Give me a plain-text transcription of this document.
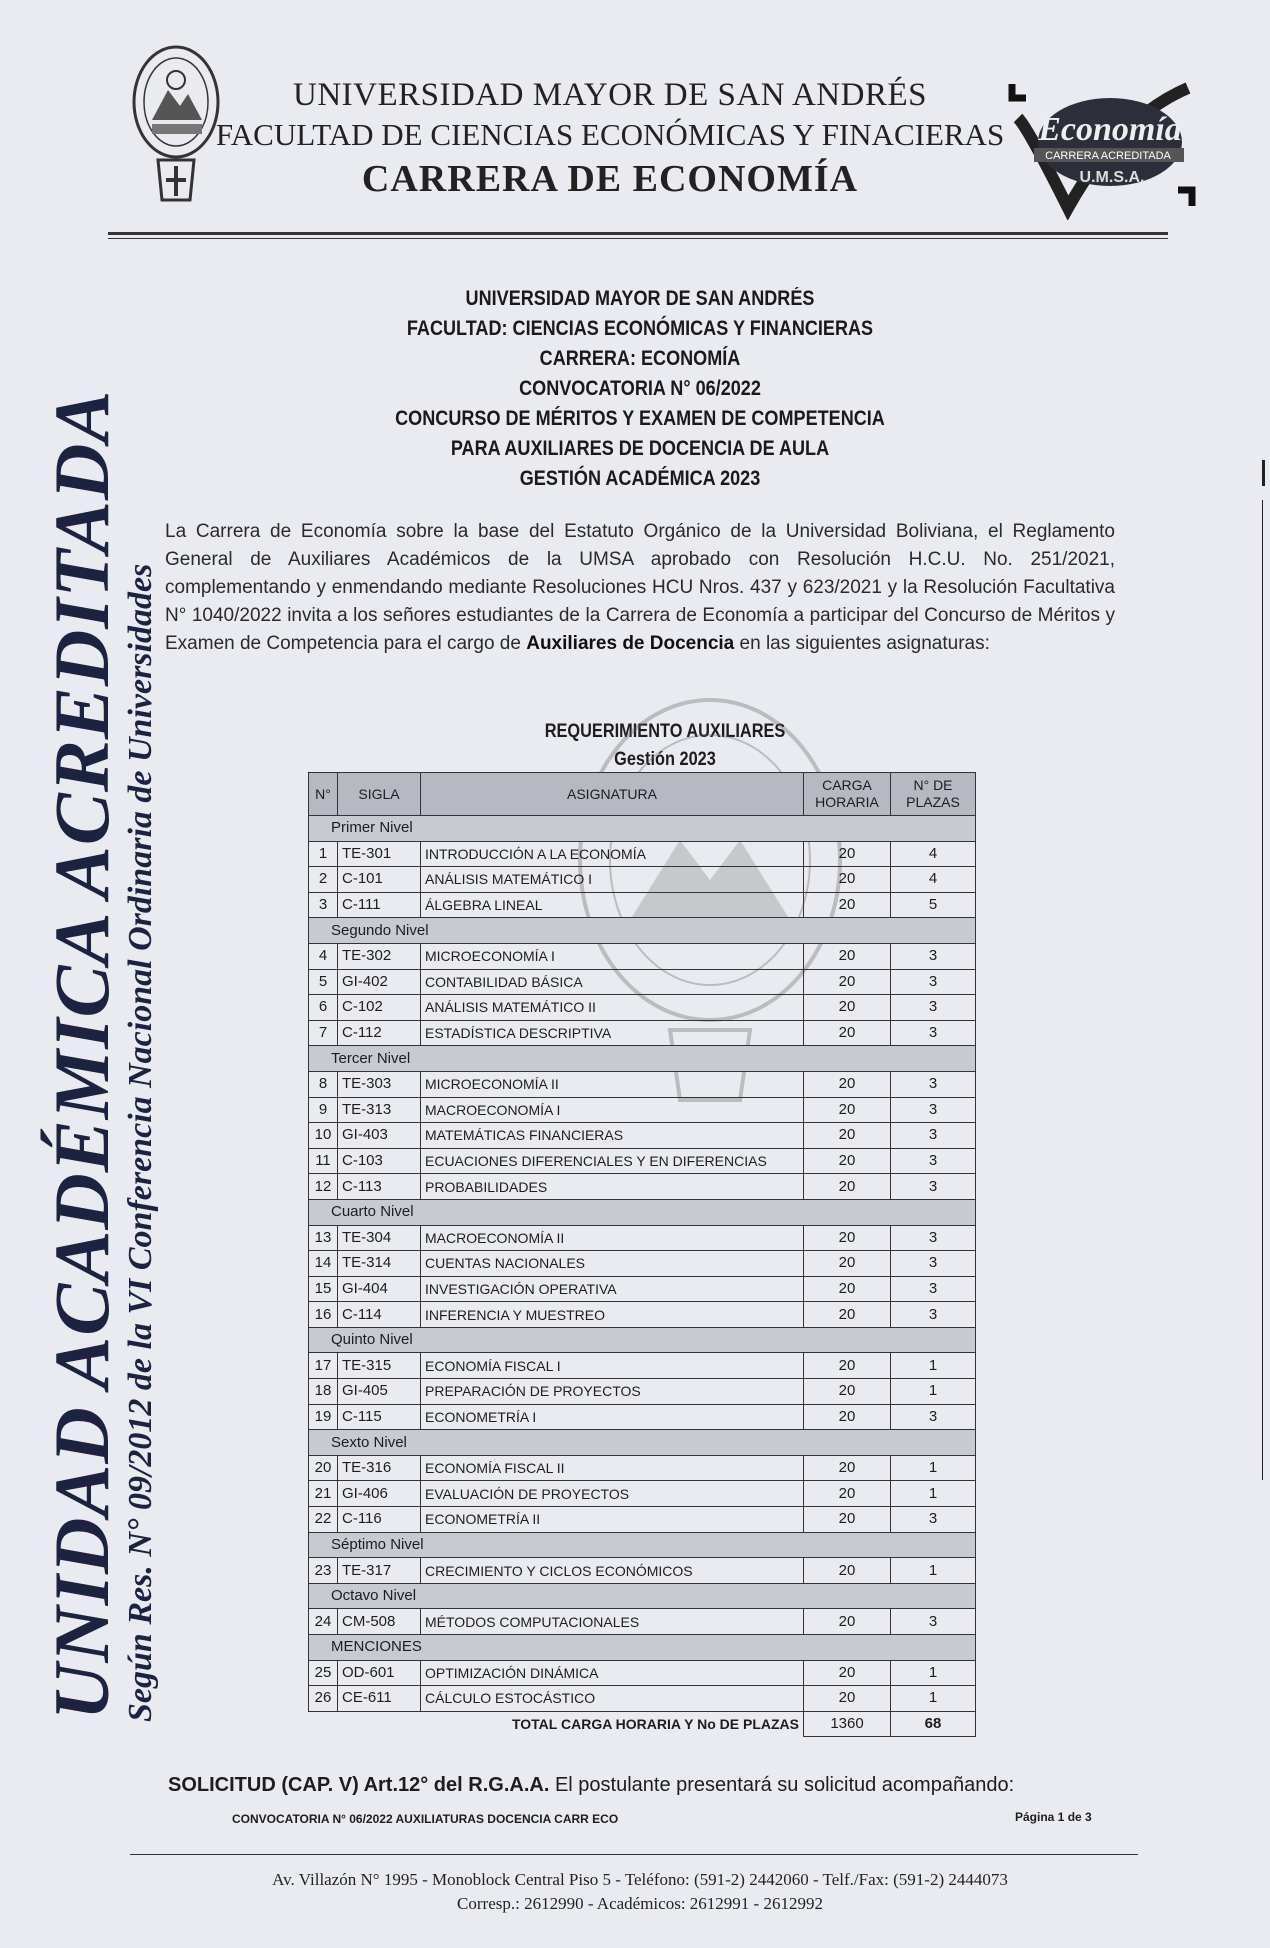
UNIVERSIDAD MAYOR DE SAN ANDRÉS
FACULTAD DE CIENCIAS ECONÓMICAS Y FINACIERAS
CARRERA DE ECONOMÍA
Economía
CARRERA ACREDITADA
U.M.S.A.
UNIDAD ACADÉMICA ACREDITADA
Según Res. N° 09/2012 de la VI Conferencia Nacional Ordinaria de Universidades
UNIVERSIDAD MAYOR DE SAN ANDRÉS
FACULTAD: CIENCIAS ECONÓMICAS Y FINANCIERAS
CARRERA: ECONOMÍA
CONVOCATORIA N° 06/2022
CONCURSO DE MÉRITOS Y EXAMEN DE COMPETENCIA
PARA AUXILIARES DE DOCENCIA DE AULA
GESTIÓN ACADÉMICA 2023
La Carrera de Economía sobre la base del Estatuto Orgánico de la Universidad Boliviana, el Reglamento General de Auxiliares Académicos de la UMSA aprobado con Resolución H.C.U. No. 251/2021, complementando y enmendando mediante Resoluciones HCU Nros. 437 y 623/2021 y la Resolución Facultativa N° 1040/2022 invita a los señores estudiantes de la Carrera de Economía a participar del Concurso de Méritos y Examen de Competencia para el cargo de Auxiliares de Docencia en las siguientes asignaturas:
REQUERIMIENTO AUXILIARES
Gestión 2023
N°	SIGLA	ASIGNATURA	CARGA HORARIA	N° DE PLAZAS
Primer Nivel				
1	TE-301	INTRODUCCIÓN A LA ECONOMÍA	20	4
2	C-101	ANÁLISIS MATEMÁTICO I	20	4
3	C-111	ÁLGEBRA LINEAL	20	5
Segundo Nivel				
4	TE-302	MICROECONOMÍA I	20	3
5	GI-402	CONTABILIDAD BÁSICA	20	3
6	C-102	ANÁLISIS MATEMÁTICO II	20	3
7	C-112	ESTADÍSTICA DESCRIPTIVA	20	3
Tercer Nivel				
8	TE-303	MICROECONOMÍA II	20	3
9	TE-313	MACROECONOMÍA I	20	3
10	GI-403	MATEMÁTICAS FINANCIERAS	20	3
11	C-103	ECUACIONES DIFERENCIALES Y EN DIFERENCIAS	20	3
12	C-113	PROBABILIDADES	20	3
Cuarto Nivel				
13	TE-304	MACROECONOMÍA II	20	3
14	TE-314	CUENTAS NACIONALES	20	3
15	GI-404	INVESTIGACIÓN OPERATIVA	20	3
16	C-114	INFERENCIA Y MUESTREO	20	3
Quinto Nivel				
17	TE-315	ECONOMÍA FISCAL I	20	1
18	GI-405	PREPARACIÓN DE PROYECTOS	20	1
19	C-115	ECONOMETRÍA I	20	3
Sexto Nivel				
20	TE-316	ECONOMÍA FISCAL II	20	1
21	GI-406	EVALUACIÓN DE PROYECTOS	20	1
22	C-116	ECONOMETRÍA II	20	3
Séptimo Nivel				
23	TE-317	CRECIMIENTO Y CICLOS ECONÓMICOS	20	1
Octavo Nivel				
24	CM-508	MÉTODOS COMPUTACIONALES	20	3
MENCIONES				
25	OD-601	OPTIMIZACIÓN DINÁMICA	20	1
26	CE-611	CÁLCULO ESTOCÁSTICO	20	1
	TOTAL CARGA HORARIA Y No DE PLAZAS		1360	68
SOLICITUD (CAP. V) Art.12° del R.G.A.A. El postulante presentará su solicitud acompañando:
CONVOCATORIA N° 06/2022 AUXILIATURAS DOCENCIA CARR ECO	Página 1 de 3
Av. Villazón N° 1995 - Monoblock Central Piso 5 - Teléfono: (591-2) 2442060 - Telf./Fax: (591-2) 2444073
Corresp.: 2612990 - Académicos: 2612991 - 2612992
